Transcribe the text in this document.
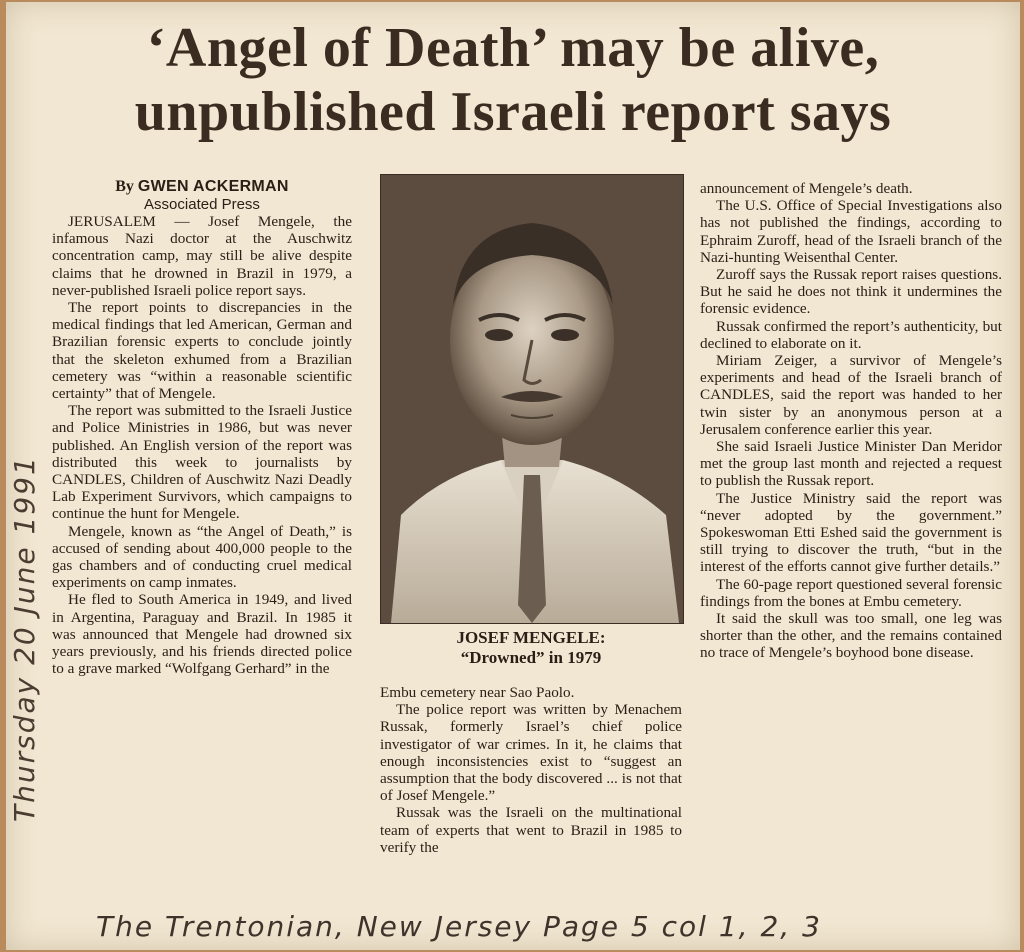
‘Angel of Death’ may be alive,
unpublished Israeli report says

By GWEN ACKERMAN

Associated Press

JERUSALEM — Josef Mengele, the infamous Nazi doctor at the Auschwitz concentration camp, may still be alive despite claims that he drowned in Brazil in 1979, a never-published Israeli police report says.

The report points to discrepancies in the medical findings that led American, German and Brazilian forensic experts to conclude jointly that the skeleton exhumed from a Brazilian cemetery was “within a reasonable scientific certainty” that of Mengele.

The report was submitted to the Israeli Justice and Police Ministries in 1986, but was never published. An English version of the report was distributed this week to journalists by CANDLES, Children of Auschwitz Nazi Deadly Lab Experiment Survivors, which campaigns to continue the hunt for Mengele.

Mengele, known as “the Angel of Death,” is accused of sending about 400,000 people to the gas chambers and of conducting cruel medical experiments on camp inmates.

He fled to South America in 1949, and lived in Argentina, Paraguay and Brazil. In 1985 it was announced that Mengele had drowned six years previously, and his friends directed police to a grave marked “Wolfgang Gerhard” in the

JOSEF MENGELE:
“Drowned” in 1979

Embu cemetery near Sao Paolo.

The police report was written by Menachem Russak, formerly Israel’s chief police investigator of war crimes. In it, he claims that enough inconsistencies exist to “suggest an assumption that the body discovered ... is not that of Josef Mengele.”

Russak was the Israeli on the multinational team of experts that went to Brazil in 1985 to verify the

announcement of Mengele’s death.

The U.S. Office of Special Investigations also has not published the findings, according to Ephraim Zuroff, head of the Israeli branch of the Nazi-hunting Weisenthal Center.

Zuroff says the Russak report raises questions. But he said he does not think it undermines the forensic evidence.

Russak confirmed the report’s authenticity, but declined to elaborate on it.

Miriam Zeiger, a survivor of Mengele’s experiments and head of the Israeli branch of CANDLES, said the report was handed to her twin sister by an anonymous person at a Jerusalem conference earlier this year.

She said Israeli Justice Minister Dan Meridor met the group last month and rejected a request to publish the Russak report.

The Justice Ministry said the report was “never adopted by the government.” Spokeswoman Etti Eshed said the government is still trying to discover the truth, “but in the interest of the efforts cannot give further details.”

The 60-page report questioned several forensic findings from the bones at Embu cemetery.

It said the skull was too small, one leg was shorter than the other, and the remains contained no trace of Mengele’s boyhood bone disease.

Thursday 20 June 1991
The Trentonian, New Jersey Page 5 col 1, 2, 3
